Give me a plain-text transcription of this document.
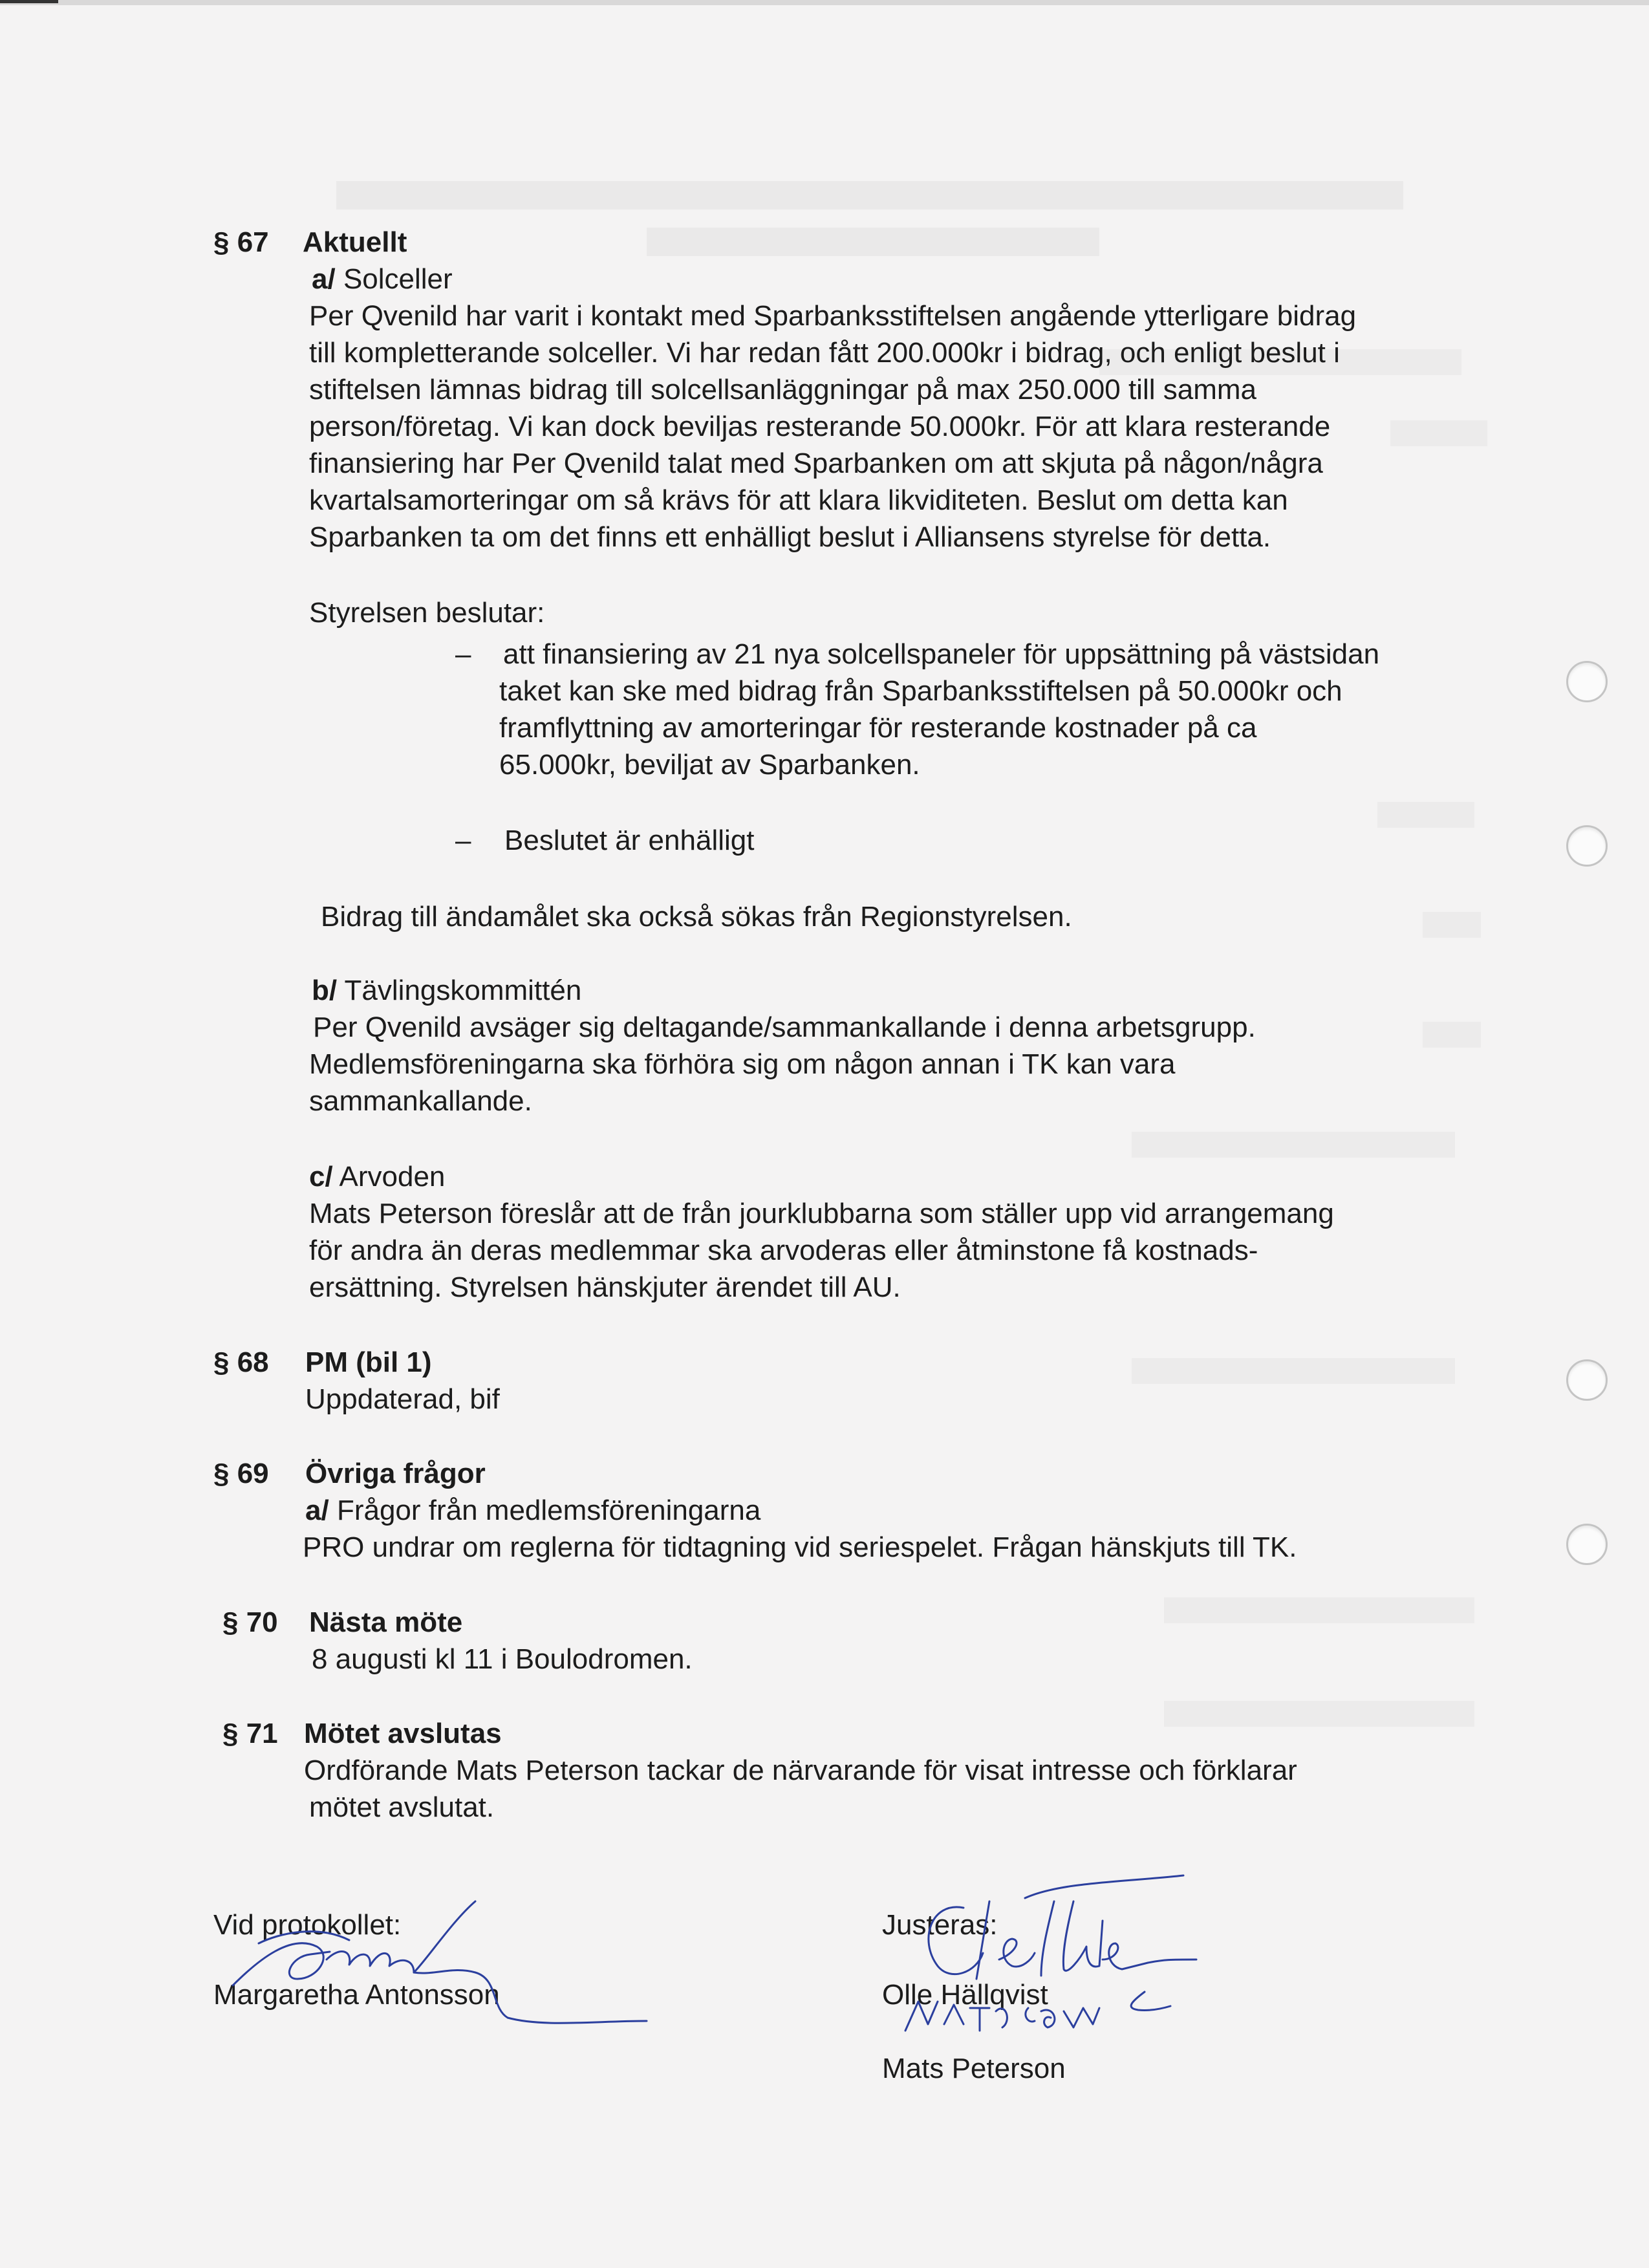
§ 67 Aktuellt
a/ Solceller
Per Qvenild har varit i kontakt med Sparbanksstiftelsen angående ytterligare bidrag
till kompletterande solceller. Vi har redan fått 200.000kr i bidrag, och enligt beslut i
stiftelsen lämnas bidrag till solcellsanläggningar på max 250.000 till samma
person/företag. Vi kan dock beviljas resterande 50.000kr. För att klara resterande
finansiering har Per Qvenild talat med Sparbanken om att skjuta på någon/några
kvartalsamorteringar om så krävs för att klara likviditeten. Beslut om detta kan
Sparbanken ta om det finns ett enhälligt beslut i Alliansens styrelse för detta.
Styrelsen beslutar:
– att finansiering av 21 nya solcellspaneler för uppsättning på västsidan
taket kan ske med bidrag från Sparbanksstiftelsen på 50.000kr och
framflyttning av amorteringar för resterande kostnader på ca
65.000kr, beviljat av Sparbanken.
– Beslutet är enhälligt
Bidrag till ändamålet ska också sökas från Regionstyrelsen.
b/ Tävlingskommittén
Per Qvenild avsäger sig deltagande/sammankallande i denna arbetsgrupp.
Medlemsföreningarna ska förhöra sig om någon annan i TK kan vara
sammankallande.
c/ Arvoden
Mats Peterson föreslår att de från jourklubbarna som ställer upp vid arrangemang
för andra än deras medlemmar ska arvoderas eller åtminstone få kostnads-
ersättning. Styrelsen hänskjuter ärendet till AU.
§ 68 PM (bil 1)
Uppdaterad, bif
§ 69 Övriga frågor
a/ Frågor från medlemsföreningarna
PRO undrar om reglerna för tidtagning vid seriespelet. Frågan hänskjuts till TK.
§ 70 Nästa möte
8 augusti kl 11 i Boulodromen.
§ 71 Mötet avslutas
Ordförande Mats Peterson tackar de närvarande för visat intresse och förklarar
mötet avslutat.
Vid protokollet:
Margaretha Antonsson
Justeras:
Olle Hällqvist
Mats Peterson
